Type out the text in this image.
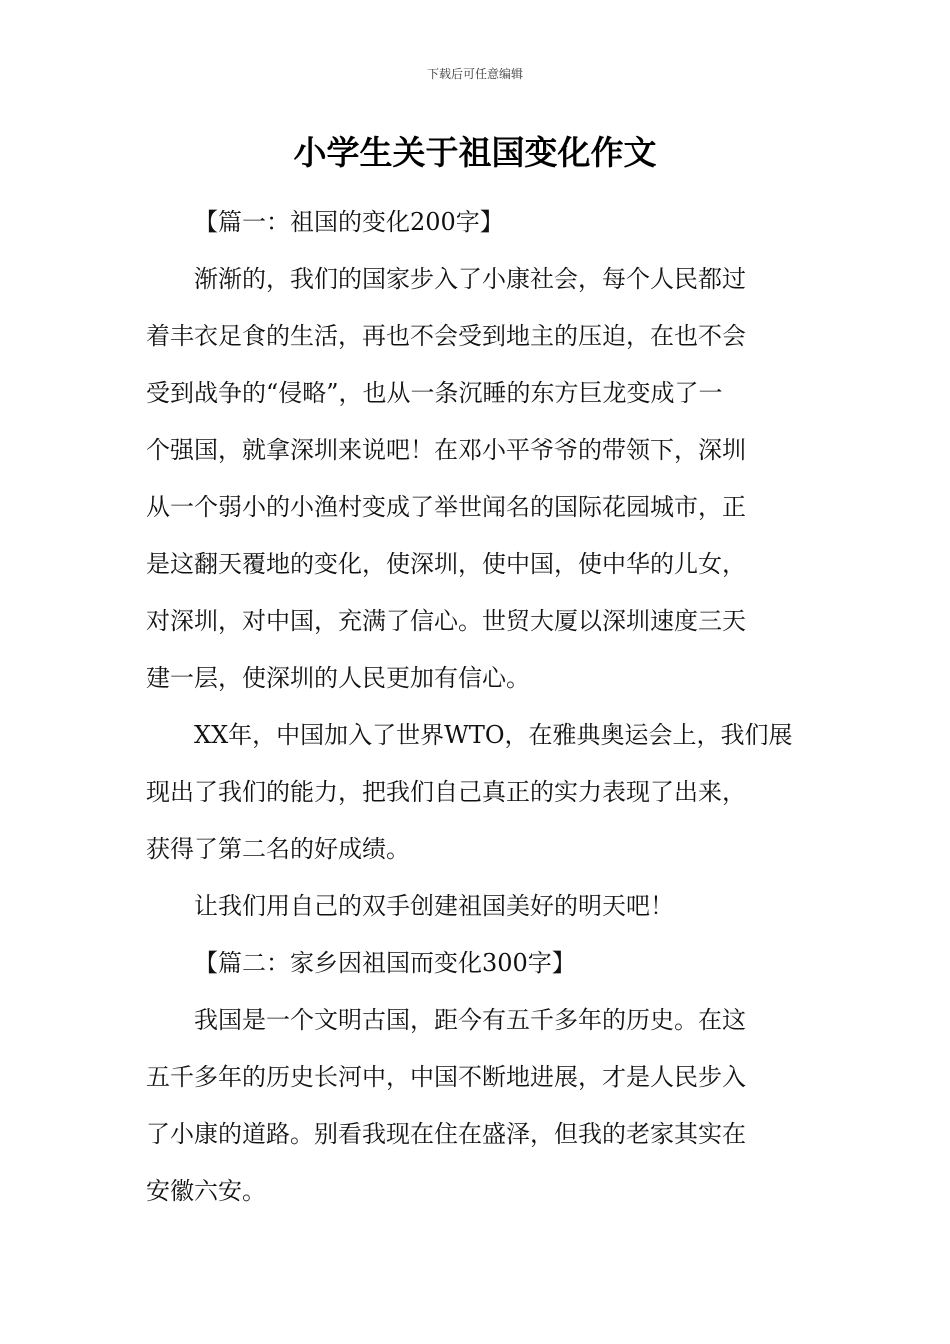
下载后可任意编辑
小学生关于祖国变化作文

【篇一：祖国的变化200字】

渐渐的，我们的国家步入了小康社会，每个人民都过
着丰衣足食的生活，再也不会受到地主的压迫，在也不会
受到战争的“侵略”，也从一条沉睡的东方巨龙变成了一
个强国，就拿深圳来说吧！在邓小平爷爷的带领下，深圳
从一个弱小的小渔村变成了举世闻名的国际花园城市，正
是这翻天覆地的变化，使深圳，使中国，使中华的儿女，
对深圳，对中国，充满了信心。世贸大厦以深圳速度三天
建一层，使深圳的人民更加有信心。

XX年，中国加入了世界WTO，在雅典奥运会上，我们展
现出了我们的能力，把我们自己真正的实力表现了出来，
获得了第二名的好成绩。

让我们用自己的双手创建祖国美好的明天吧！

【篇二：家乡因祖国而变化300字】

我国是一个文明古国，距今有五千多年的历史。在这
五千多年的历史长河中，中国不断地进展，才是人民步入
了小康的道路。别看我现在住在盛泽，但我的老家其实在
安徽六安。
